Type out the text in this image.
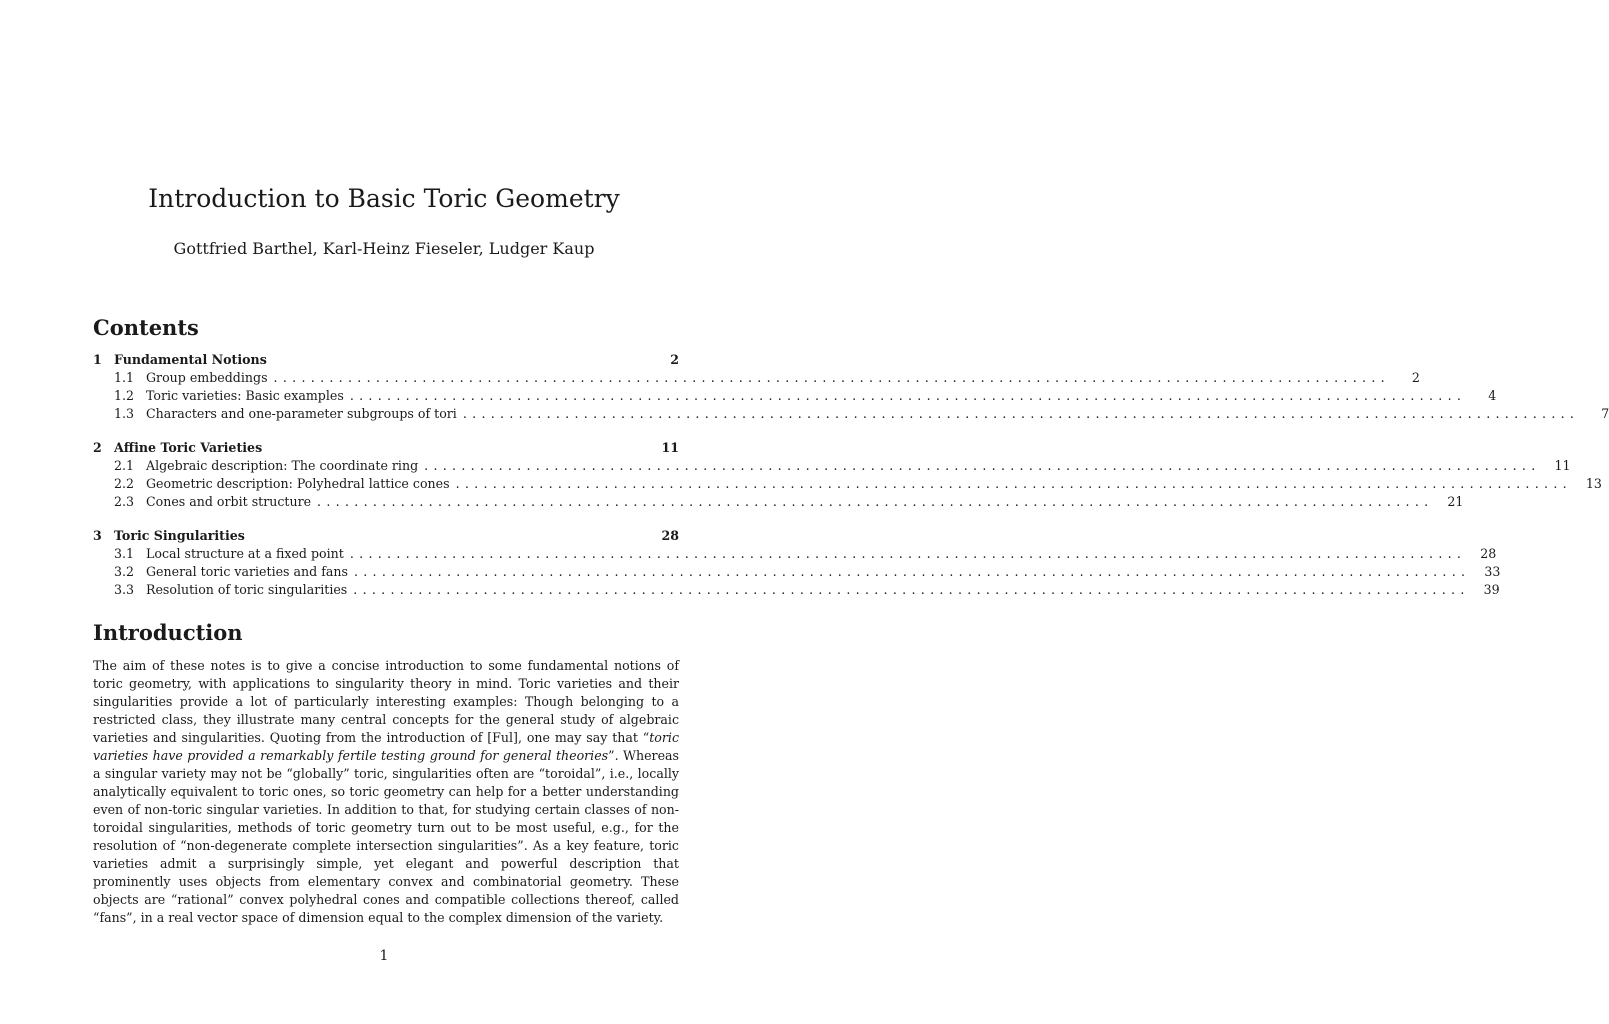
Introduction to Basic Toric Geometry
Gottfried Barthel, Karl-Heinz Fieseler, Ludger Kaup
Contents
1 Fundamental Notions	2
1.1 Group embeddings ........................................................................................................................	2
1.2 Toric varieties: Basic examples ........................................................................................................................	4
1.3 Characters and one-parameter subgroups of tori ........................................................................................................................	7
2 Affine Toric Varieties	11
2.1 Algebraic description: The coordinate ring ........................................................................................................................	11
2.2 Geometric description: Polyhedral lattice cones ........................................................................................................................	13
2.3 Cones and orbit structure ........................................................................................................................	21
3 Toric Singularities	28
3.1 Local structure at a fixed point ........................................................................................................................	28
3.2 General toric varieties and fans ........................................................................................................................	33
3.3 Resolution of toric singularities ........................................................................................................................	39
Introduction
The aim of these notes is to give a concise introduction to some fundamental notions of toric geometry, with applications to singularity theory in mind. Toric varieties and their singularities provide a lot of particularly interesting examples: Though belonging to a restricted class, they illustrate many central concepts for the general study of algebraic varieties and singularities. Quoting from the introduction of [Ful], one may say that “toric varieties have provided a remarkably fertile testing ground for general theories”. Whereas a singular variety may not be “globally” toric, singularities often are “toroidal”, i.e., locally analytically equivalent to toric ones, so toric geometry can help for a better understanding even of non-toric singular varieties. In addition to that, for studying certain classes of non-toroidal singularities, methods of toric geometry turn out to be most useful, e.g., for the resolution of “non-degenerate complete intersection singularities”. As a key feature, toric varieties admit a surprisingly simple, yet elegant and powerful description that prominently uses objects from elementary convex and combinatorial geometry. These objects are “rational” convex polyhedral cones and compatible collections thereof, called “fans”, in a real vector space of dimension equal to the complex dimension of the variety.
1
